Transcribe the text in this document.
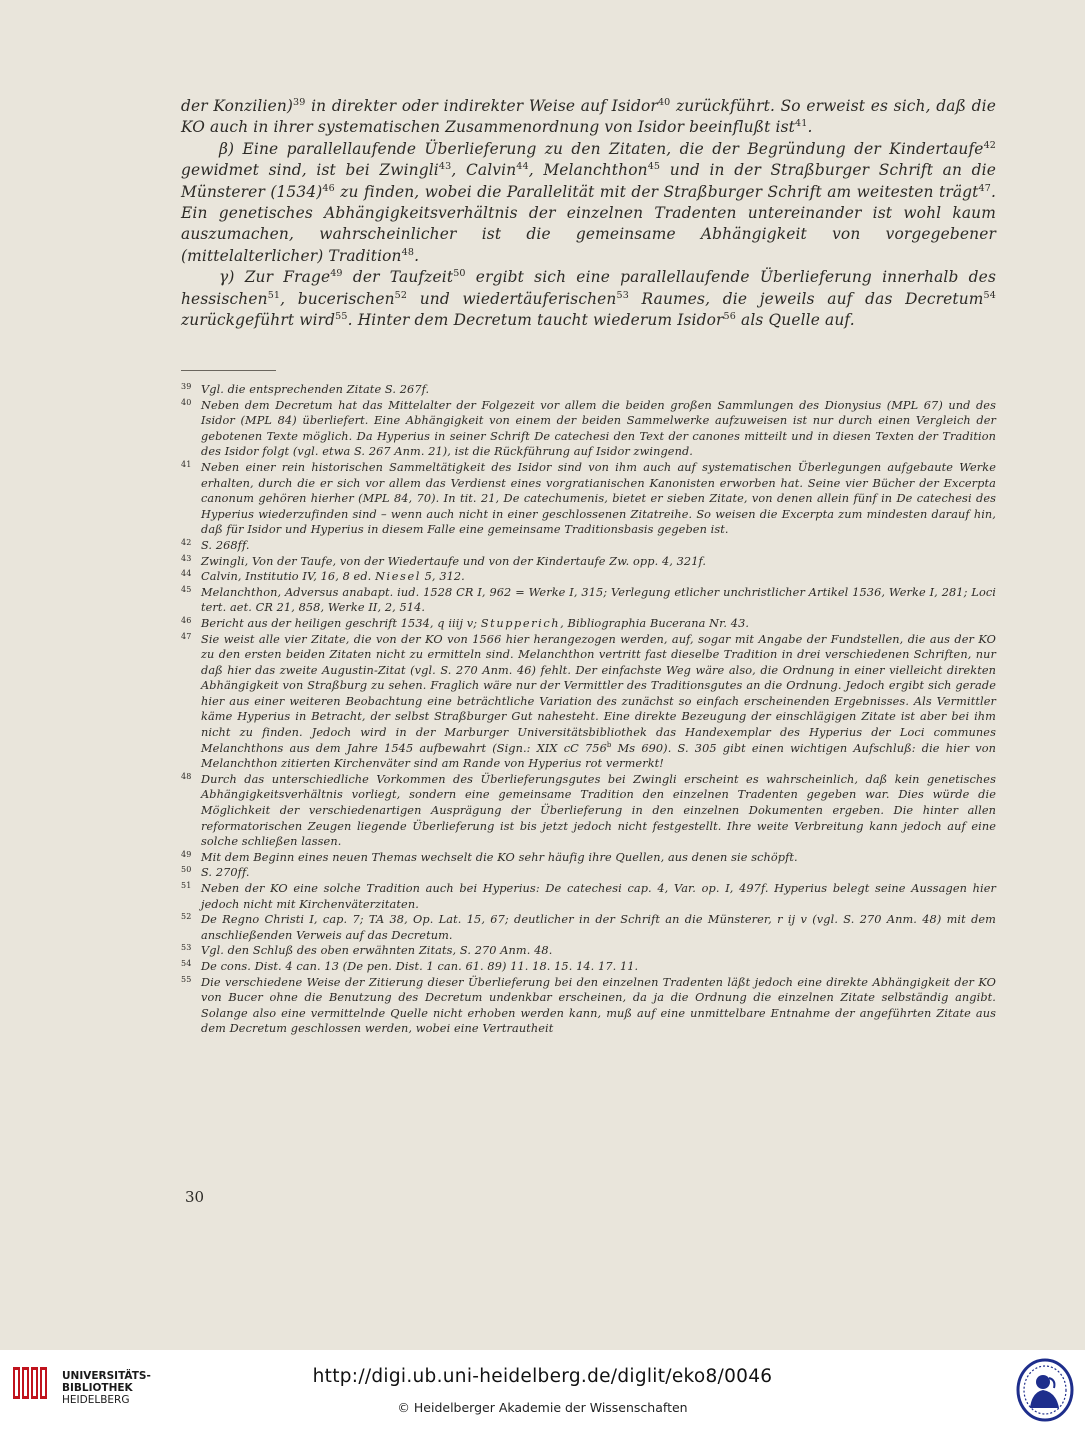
der Konzilien)$^{39}$ in direkter oder indirekter Weise auf Isidor$^{40}$ zurückführt. So erweist es sich, daß die KO auch in ihrer systematischen Zusammenordnung von Isidor beeinflußt ist$^{41}$.

β) Eine parallellaufende Überlieferung zu den Zitaten, die der Begründung der Kindertaufe$^{42}$ gewidmet sind, ist bei Zwingli$^{43}$, Calvin$^{44}$, Melanchthon$^{45}$ und in der Straßburger Schrift an die Münsterer $(1534)^{46}$ zu finden, wobei die Parallelität mit der Straßburger Schrift am weitesten trägt$^{47}$. Ein genetisches Abhängigkeitsverhältnis der einzelnen Tradenten untereinander ist wohl kaum auszumachen, wahrscheinlicher ist die gemeinsame Abhängigkeit von vorgegebener (mittelalterlicher) Tradition$^{48}$.

γ) Zur Frage$^{49}$ der Taufzeit$^{50}$ ergibt sich eine parallellaufende Überlieferung innerhalb des hessischen$^{51}$, bucerischen$^{52}$ und wiedertäuferischen$^{53}$ Raumes, die jeweils auf das Decretum$^{54}$ zurückgeführt wird$^{55}$. Hinter dem Decretum taucht wiederum Isidor$^{56}$ als Quelle auf.

39 Vgl. die entsprechenden Zitate S. 267f.
40 Neben dem Decretum hat das Mittelalter der Folgezeit vor allem die beiden großen Sammlungen des Dionysius (MPL 67) und des Isidor (MPL 84) überliefert. Eine Abhängigkeit von einem der beiden Sammelwerke aufzuweisen ist nur durch einen Vergleich der gebotenen Texte möglich. Da Hyperius in seiner Schrift De catechesi den Text der canones mitteilt und in diesen Texten der Tradition des Isidor folgt (vgl. etwa S. 267 Anm. 21), ist die Rückführung auf Isidor zwingend.
41 Neben einer rein historischen Sammeltätigkeit des Isidor sind von ihm auch auf systematischen Überlegungen aufgebaute Werke erhalten, durch die er sich vor allem das Verdienst eines vorgratianischen Kanonisten erworben hat. Seine vier Bücher der Excerpta canonum gehören hierher (MPL 84, 70). In tit. 21, De catechumenis, bietet er sieben Zitate, von denen allein fünf in De catechesi des Hyperius wiederzufinden sind – wenn auch nicht in einer geschlossenen Zitatreihe. So weisen die Excerpta zum mindesten darauf hin, daß für Isidor und Hyperius in diesem Falle eine gemeinsame Traditionsbasis gegeben ist.
42 S. 268ff.
43 Zwingli, Von der Taufe, von der Wiedertaufe und von der Kindertaufe Zw. opp. 4, 321f.
44 Calvin, Institutio IV, 16, 8 ed. Niesel 5, 312.
45 Melanchthon, Adversus anabapt. iud. 1528 CR I, 962 = Werke I, 315; Verlegung etlicher unchristlicher Artikel 1536, Werke I, 281; Loci tert. aet. CR 21, 858, Werke II, 2, 514.
46 Bericht aus der heiligen geschrift 1534, q iiij v; Stupperich, Bibliographia Bucerana Nr. 43.
47 Sie weist alle vier Zitate, die von der KO von 1566 hier herangezogen werden, auf, sogar mit Angabe der Fundstellen, die aus der KO zu den ersten beiden Zitaten nicht zu ermitteln sind. Melanchthon vertritt fast dieselbe Tradition in drei verschiedenen Schriften, nur daß hier das zweite Augustin-Zitat (vgl. S. 270 Anm. 46) fehlt. Der einfachste Weg wäre also, die Ordnung in einer vielleicht direkten Abhängigkeit von Straßburg zu sehen. Fraglich wäre nur der Vermittler des Traditionsgutes an die Ordnung. Jedoch ergibt sich gerade hier aus einer weiteren Beobachtung eine beträchtliche Variation des zunächst so einfach erscheinenden Ergebnisses. Als Vermittler käme Hyperius in Betracht, der selbst Straßburger Gut nahesteht. Eine direkte Bezeugung der einschlägigen Zitate ist aber bei ihm nicht zu finden. Jedoch wird in der Marburger Universitätsbibliothek das Handexemplar des Hyperius der Loci communes Melanchthons aus dem Jahre 1545 aufbewahrt (Sign.: XIX cC 756$^b$ Ms 690). S. 305 gibt einen wichtigen Aufschluß: die hier von Melanchthon zitierten Kirchenväter sind am Rande von Hyperius rot vermerkt!
48 Durch das unterschiedliche Vorkommen des Überlieferungsgutes bei Zwingli erscheint es wahrscheinlich, daß kein genetisches Abhängigkeitsverhältnis vorliegt, sondern eine gemeinsame Tradition den einzelnen Tradenten gegeben war. Dies würde die Möglichkeit der verschiedenartigen Ausprägung der Überlieferung in den einzelnen Dokumenten ergeben. Die hinter allen reformatorischen Zeugen liegende Überlieferung ist bis jetzt jedoch nicht festgestellt. Ihre weite Verbreitung kann jedoch auf eine solche schließen lassen.
49 Mit dem Beginn eines neuen Themas wechselt die KO sehr häufig ihre Quellen, aus denen sie schöpft.
50 S. 270ff.
51 Neben der KO eine solche Tradition auch bei Hyperius: De catechesi cap. 4, Var. op. I, 497f. Hyperius belegt seine Aussagen hier jedoch nicht mit Kirchenväterzitaten.
52 De Regno Christi I, cap. 7; TA 38, Op. Lat. 15, 67; deutlicher in der Schrift an die Münsterer, r ij v (vgl. S. 270 Anm. 48) mit dem anschließenden Verweis auf das Decretum.
53 Vgl. den Schluß des oben erwähnten Zitats, S. 270 Anm. 48.
54 De cons. Dist. 4 can. 13 (De pen. Dist. 1 can. 61. 89) 11. 18. 15. 14. 17. 11.
55 Die verschiedene Weise der Zitierung dieser Überlieferung bei den einzelnen Tradenten läßt jedoch eine direkte Abhängigkeit der KO von Bucer ohne die Benutzung des Decretum undenkbar erscheinen, da ja die Ordnung die einzelnen Zitate selbständig angibt. Solange also eine vermittelnde Quelle nicht erhoben werden kann, muß auf eine unmittelbare Entnahme der angeführten Zitate aus dem Decretum geschlossen werden, wobei eine Vertrautheit
30
UNIVERSITÄTS-
BIBLIOTHEK
HEIDELBERG
http://digi.ub.uni-heidelberg.de/diglit/eko8/0046
© Heidelberger Akademie der Wissenschaften
